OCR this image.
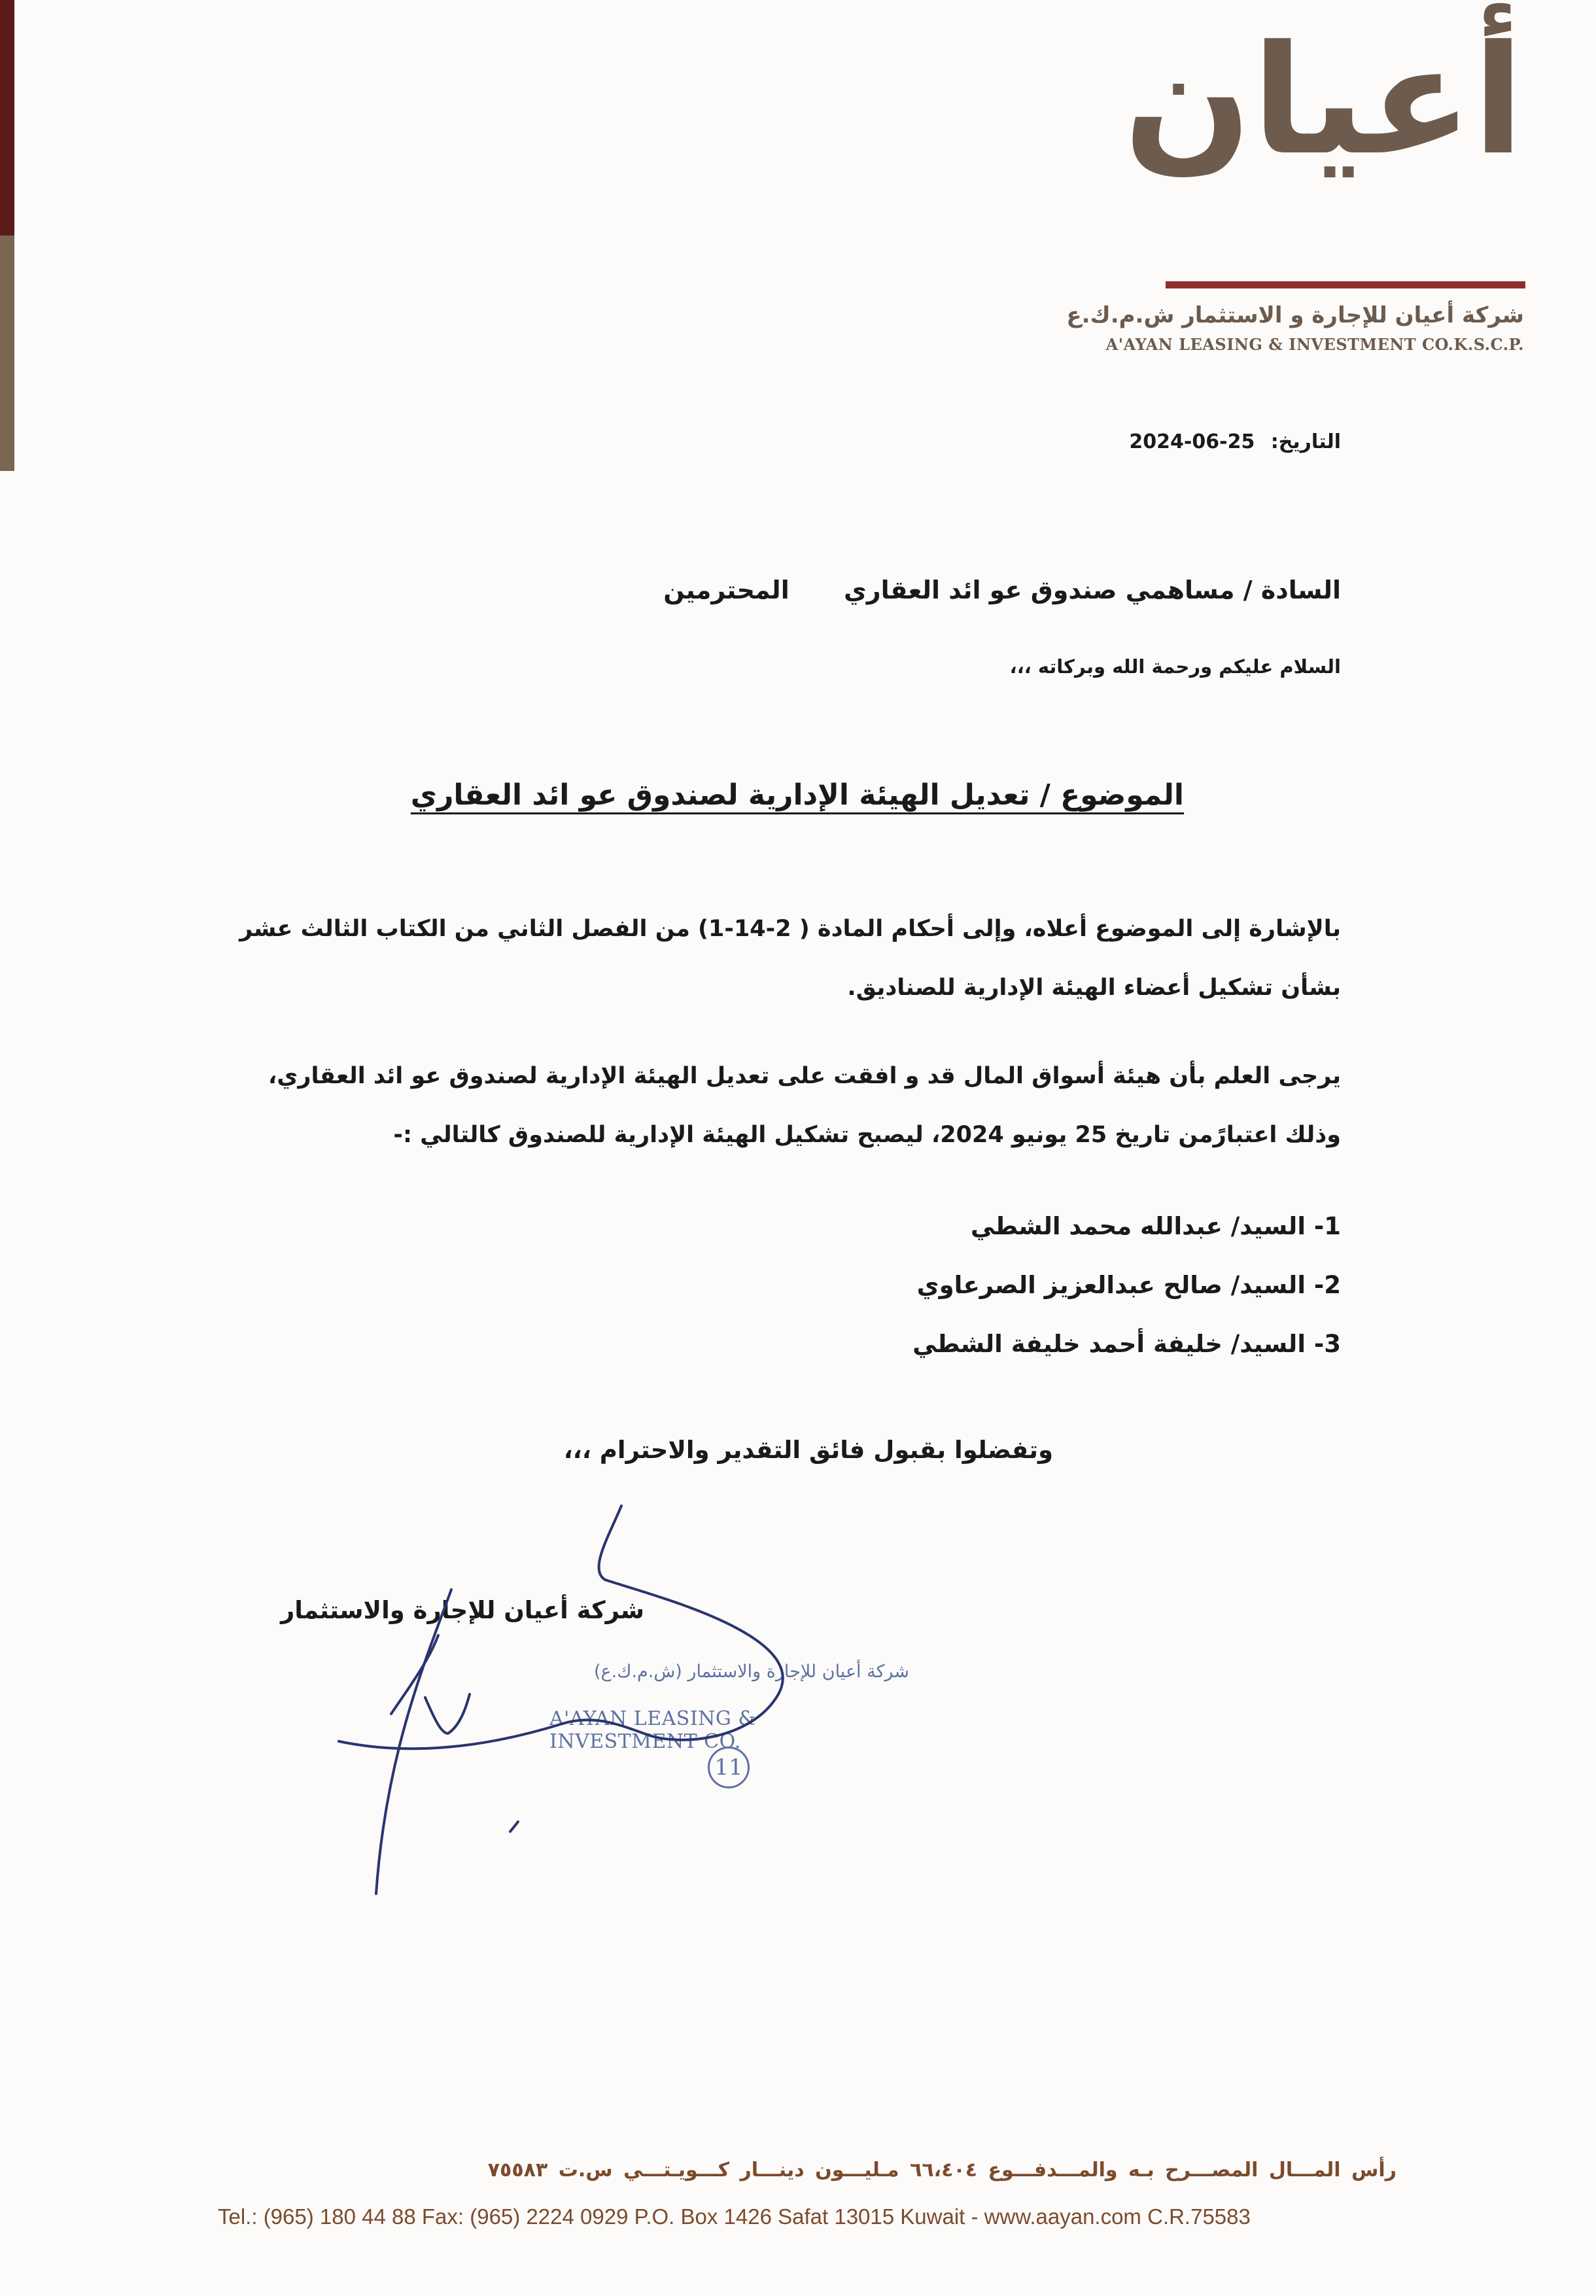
أعيان
شركة أعيان للإجارة و الاستثمار ش.م.ك.ع
A'AYAN LEASING & INVESTMENT CO.K.S.C.P.
التاريخ: 2024-06-25
السادة / مساهمي صندوق عو ائد العقاري المحترمين
السلام عليكم ورحمة الله وبركاته ،،،
الموضوع / تعديل الهيئة الإدارية لصندوق عو ائد العقاري
بالإشارة إلى الموضوع أعلاه، وإلى أحكام المادة ( 2-14-1) من الفصل الثاني من الكتاب الثالث عشر بشأن تشكيل أعضاء الهيئة الإدارية للصناديق.
يرجى العلم بأن هيئة أسواق المال قد و افقت على تعديل الهيئة الإدارية لصندوق عو ائد العقاري، وذلك اعتبارًمن تاريخ 25 يونيو 2024، ليصبح تشكيل الهيئة الإدارية للصندوق كالتالي :-
1- السيد/ عبدالله محمد الشطي
2- السيد/ صالح عبدالعزيز الصرعاوي
3- السيد/ خليفة أحمد خليفة الشطي
وتفضلوا بقبول فائق التقدير والاحترام ،،،
شركة أعيان للإجارة والاستثمار
شركة أعيان للإجارة والاستثمار (ش.م.ك.ع)
A'AYAN LEASING & INVESTMENT CO.
11
رأس المـــال المصـــرح بـه والمـــدفـــوع ٦٦،٤٠٤ مـليـــون دينـــار كـــويـتـــي س.ت ٧٥٥٨٣
Tel.: (965) 180 44 88 Fax: (965) 2224 0929 P.O. Box 1426 Safat 13015 Kuwait - www.aayan.com C.R.75583
